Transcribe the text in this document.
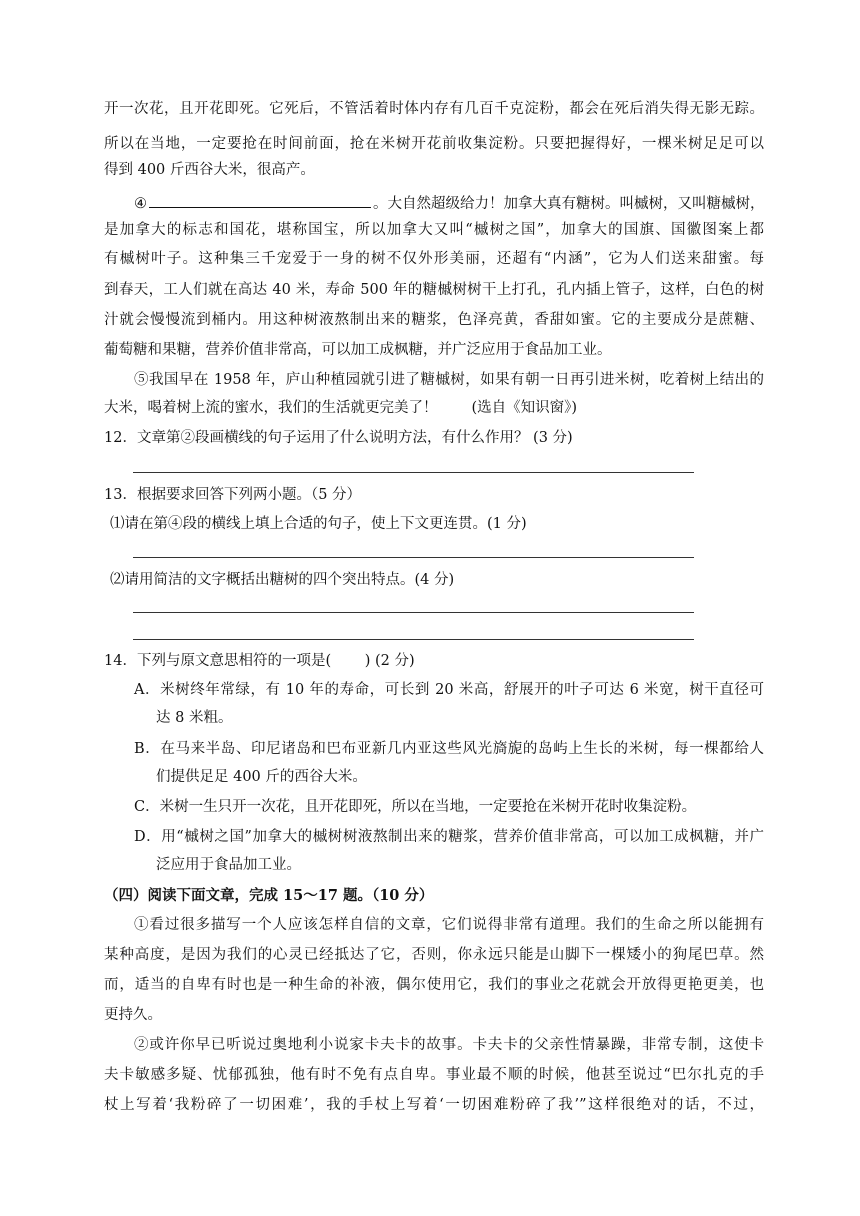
开一次花，且开花即死。它死后，不管活着时体内存有几百千克淀粉，都会在死后消失得无影无踪。
所以在当地，一定要抢在时间前面，抢在米树开花前收集淀粉。只要把握得好，一棵米树足足可以
得到 400 斤西谷大米，很高产。
④	。大自然超级给力！加拿大真有糖树。叫槭树，又叫糖槭树，
是加拿大的标志和国花，堪称国宝，所以加拿大又叫“槭树之国”，加拿大的国旗、国徽图案上都
有槭树叶子。这种集三千宠爱于一身的树不仅外形美丽，还超有“内涵”，它为人们送来甜蜜。每
到春天，工人们就在高达 40 米，寿命 500 年的糖槭树树干上打孔，孔内插上管子，这样，白色的树
汁就会慢慢流到桶内。用这种树液熬制出来的糖浆，色泽亮黄，香甜如蜜。它的主要成分是蔗糖、
葡萄糖和果糖，营养价值非常高，可以加工成枫糖，并广泛应用于食品加工业。
⑤我国早在 1958 年，庐山种植园就引进了糖槭树，如果有朝一日再引进米树，吃着树上结出的
大米，喝着树上流的蜜水，我们的生活就更完美了！ (选自《知识窗》)
12．文章第②段画横线的句子运用了什么说明方法，有什么作用？ (3 分)
13．根据要求回答下列两小题。（5 分）
⑴请在第④段的横线上填上合适的句子，使上下文更连贯。(1 分)
⑵请用简洁的文字概括出糖树的四个突出特点。(4 分)
14．下列与原文意思相符的一项是(　　 ) (2 分)
A．米树终年常绿，有 10 年的寿命，可长到 20 米高，舒展开的叶子可达 6 米宽，树干直径可
达 8 米粗。
B．在马来半岛、印尼诸岛和巴布亚新几内亚这些风光旖旎的岛屿上生长的米树，每一棵都给人
们提供足足 400 斤的西谷大米。
C．米树一生只开一次花，且开花即死，所以在当地，一定要抢在米树开花时收集淀粉。
D．用“槭树之国”加拿大的槭树树液熬制出来的糖浆，营养价值非常高，可以加工成枫糖，并广
泛应用于食品加工业。
（四）阅读下面文章，完成 15～17 题。（10 分）
①看过很多描写一个人应该怎样自信的文章，它们说得非常有道理。我们的生命之所以能拥有
某种高度，是因为我们的心灵已经抵达了它，否则，你永远只能是山脚下一棵矮小的狗尾巴草。然
而，适当的自卑有时也是一种生命的补液，偶尔使用它，我们的事业之花就会开放得更艳更美，也
更持久。
②或许你早已听说过奥地利小说家卡夫卡的故事。卡夫卡的父亲性情暴躁，非常专制，这使卡
夫卡敏感多疑、忧郁孤独，他有时不免有点自卑。事业最不顺的时候，他甚至说过“巴尔扎克的手
杖上写着‘我粉碎了一切困难’，我的手杖上写着‘一切困难粉碎了我’”这样很绝对的话，不过，
